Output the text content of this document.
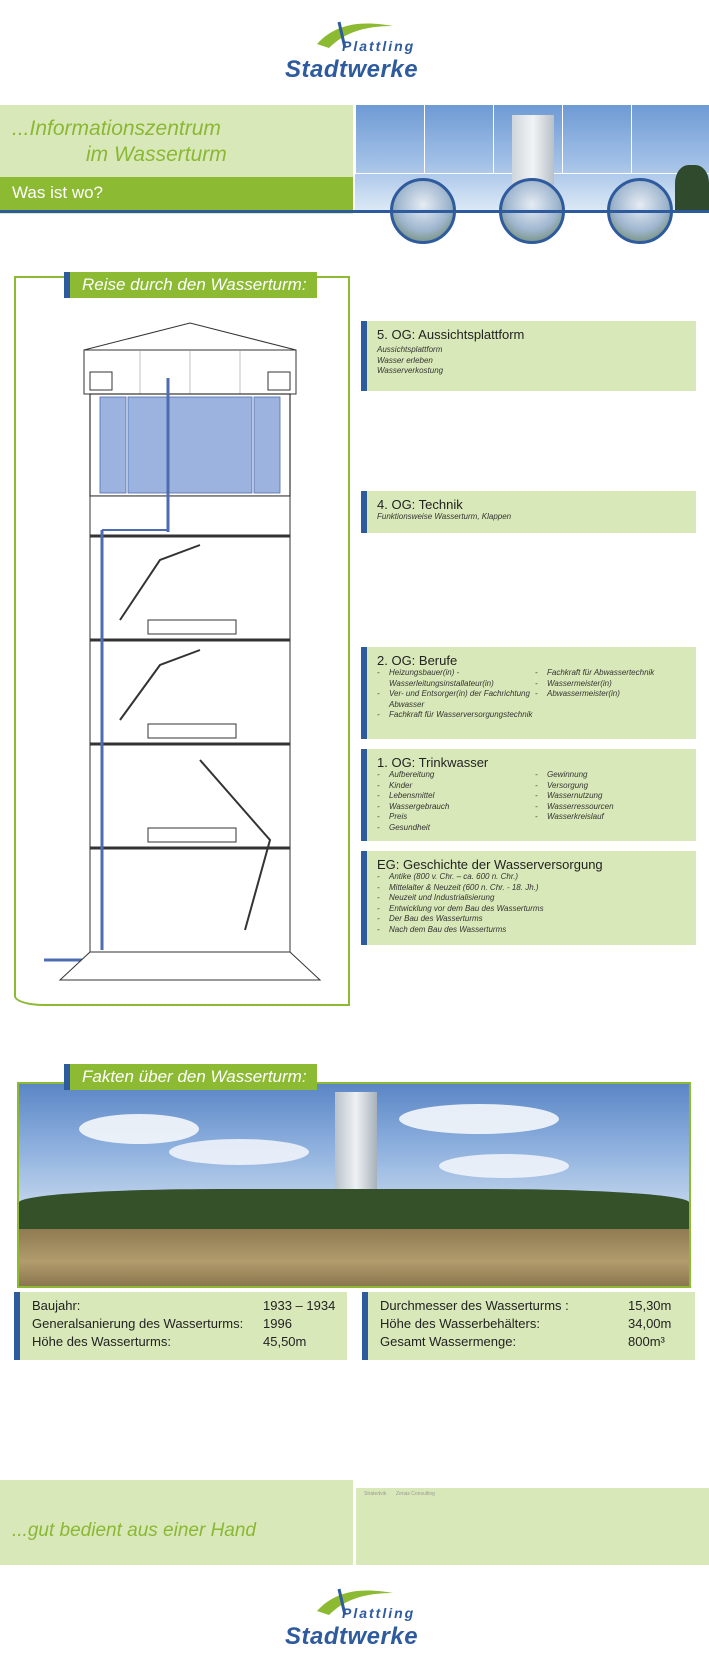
Plattling
Stadtwerke
...Informationszentrum
im Wasserturm
Was ist wo?
Reise durch den Wasserturm:
5. OG: Aussichtsplattform
Aussichtsplattform
Wasser erleben
Wasserverkostung
4. OG: Technik
Funktionsweise Wasserturm, Klappen
2. OG: Berufe
- Heizungsbauer(in) - Wasserleitungsinstallateur(in)
- Ver- und Entsorger(in) der Fachrichtung Abwasser
- Fachkraft für Wasserversorgungstechnik
- Fachkraft für Abwassertechnik
- Wassermeister(in)
- Abwassermeister(in)
1. OG: Trinkwasser
- Aufbereitung
- Kinder
- Lebensmittel
- Wassergebrauch
- Preis
- Gesundheit
- Gewinnung
- Versorgung
- Wassernutzung
- Wasserressourcen
- Wasserkreislauf
EG: Geschichte der Wasserversorgung
- Antike (800 v. Chr. – ca. 600 n. Chr.)
- Mittelalter & Neuzeit (600 n. Chr. - 18. Jh.)
- Neuzeit und Industrialisierung
- Entwicklung vor dem Bau des Wasserturms
- Der Bau des Wasserturms
- Nach dem Bau des Wasserturms
Fakten über den Wasserturm:
Baujahr:	1933 – 1934
Generalsanierung des Wasserturms: 1996
Höhe des Wasserturms:	45,50m
Durchmesser des Wasserturms :	15,30m
Höhe des Wasserbehälters:	34,00m
Gesamt Wassermenge:	800m³
...gut bedient aus einer Hand
Stratedvik Zenas Consulting
Plattling
Stadtwerke
